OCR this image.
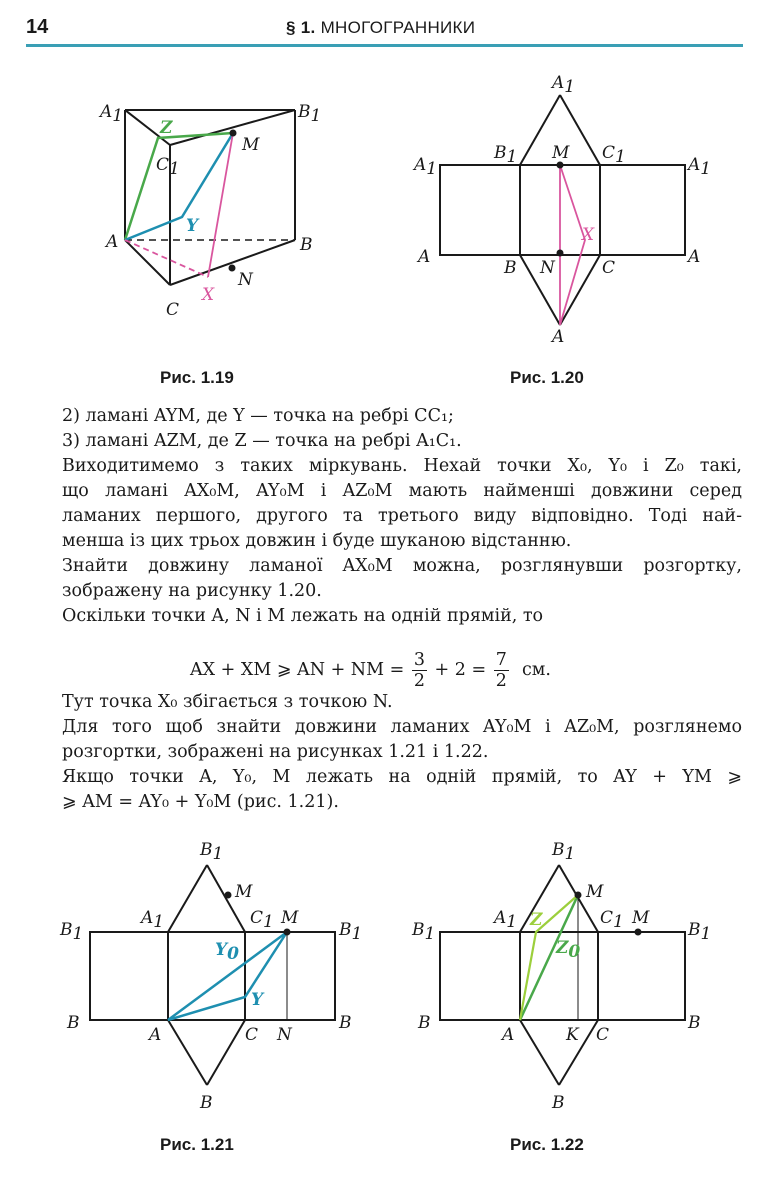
14	§ 1. МНОГОГРАННИКИ
A1	B1
Z
M
C1
Y
A	B
N
X
C
Рис. 1.19
A1
A1
B1 M C1	A1
X
A
B N	C
A
A
Рис. 1.20
2) ламані AYM, де Y — точка на ребрі CC₁;
3) ламані AZM, де Z — точка на ребрі A₁C₁.
Виходитимемо з таких міркувань. Нехай точки X₀, Y₀ і Z₀ такі,
що ламані AX₀M, AY₀M і AZ₀M мають найменші довжини серед
ламаних першого, другого та третього виду відповідно. Тоді най-
менша із цих трьох довжин і буде шуканою відстанню.
Знайти довжину ламаної AX₀M можна, розглянувши розгортку,
зображену на рисунку 1.20.
Оскільки точки A, N і M лежать на одній прямій, то
AX + XM ⩾ AN + NM = $\frac{3}{2} + 2 = \frac{7}{2}$ см.
Тут точка X₀ збігається з точкою N.
Для того щоб знайти довжини ламаних AY₀M і AZ₀M, розглянемо
розгортки, зображені на рисунках 1.21 і 1.22.
Якщо точки A, Y₀, M лежать на одній прямій, то AY + YM ⩾
⩾ AM = AY₀ + Y₀M (рис. 1.21).
B1
M
A1	C1 M
B1	B1
Y0
Y
B
A	C N
B
B
Рис. 1.21
B1
M
A1 Z	C1 M
B1	B1
Z0
B
A	K C
B
B
Рис. 1.22
